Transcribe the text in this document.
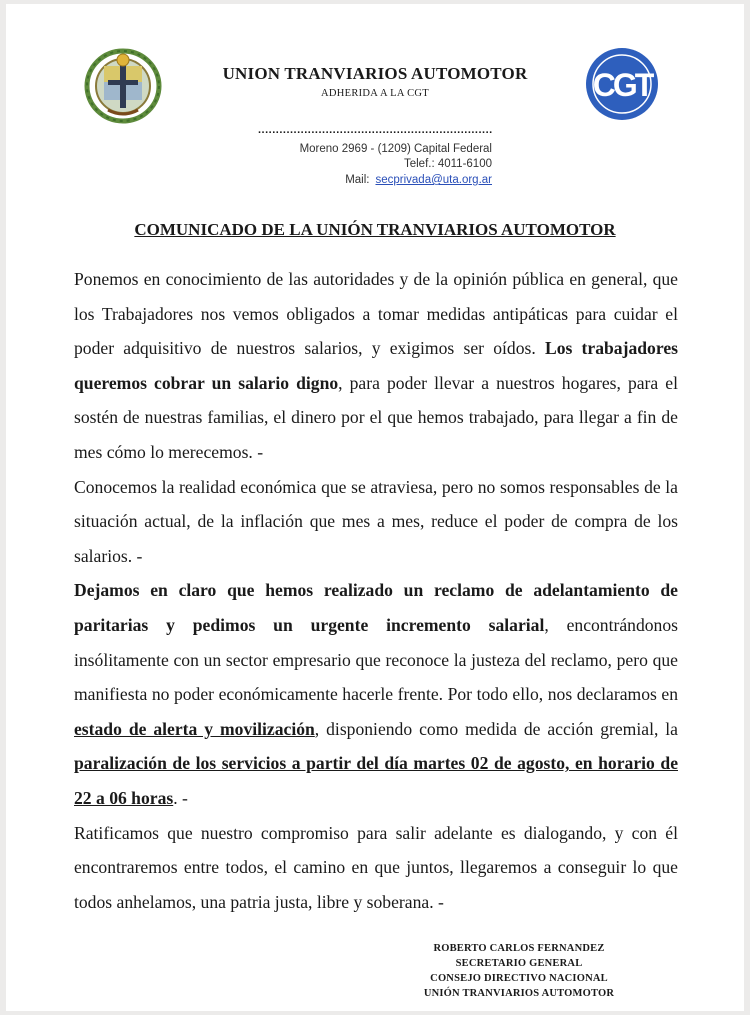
CGT
UNION TRANVIARIOS AUTOMOTOR
ADHERIDA A LA CGT
..................................................................
Moreno 2969 - (1209) Capital Federal
Telef.: 4011-6100
Mail: secprivada@uta.org.ar
COMUNICADO DE LA UNIÓN TRANVIARIOS AUTOMOTOR

Ponemos en conocimiento de las autoridades y de la opinión pública en general, que los Trabajadores nos vemos obligados a tomar medidas antipáticas para cuidar el poder adquisitivo de nuestros salarios, y exigimos ser oídos. Los trabajadores queremos cobrar un salario digno, para poder llevar a nuestros hogares, para el sostén de nuestras familias, el dinero por el que hemos trabajado, para llegar a fin de mes cómo lo merecemos. -

Conocemos la realidad económica que se atraviesa, pero no somos responsables de la situación actual, de la inflación que mes a mes, reduce el poder de compra de los salarios. -

Dejamos en claro que hemos realizado un reclamo de adelantamiento de paritarias y pedimos un urgente incremento salarial, encontrándonos insólitamente con un sector empresario que reconoce la justeza del reclamo, pero que manifiesta no poder económicamente hacerle frente. Por todo ello, nos declaramos en estado de alerta y movilización, disponiendo como medida de acción gremial, la paralización de los servicios a partir del día martes 02 de agosto, en horario de 22 a 06 horas. -

Ratificamos que nuestro compromiso para salir adelante es dialogando, y con él encontraremos entre todos, el camino en que juntos, llegaremos a conseguir lo que todos anhelamos, una patria justa, libre y soberana. -

ROBERTO CARLOS FERNANDEZ
SECRETARIO GENERAL
CONSEJO DIRECTIVO NACIONAL
UNIÓN TRANVIARIOS AUTOMOTOR
